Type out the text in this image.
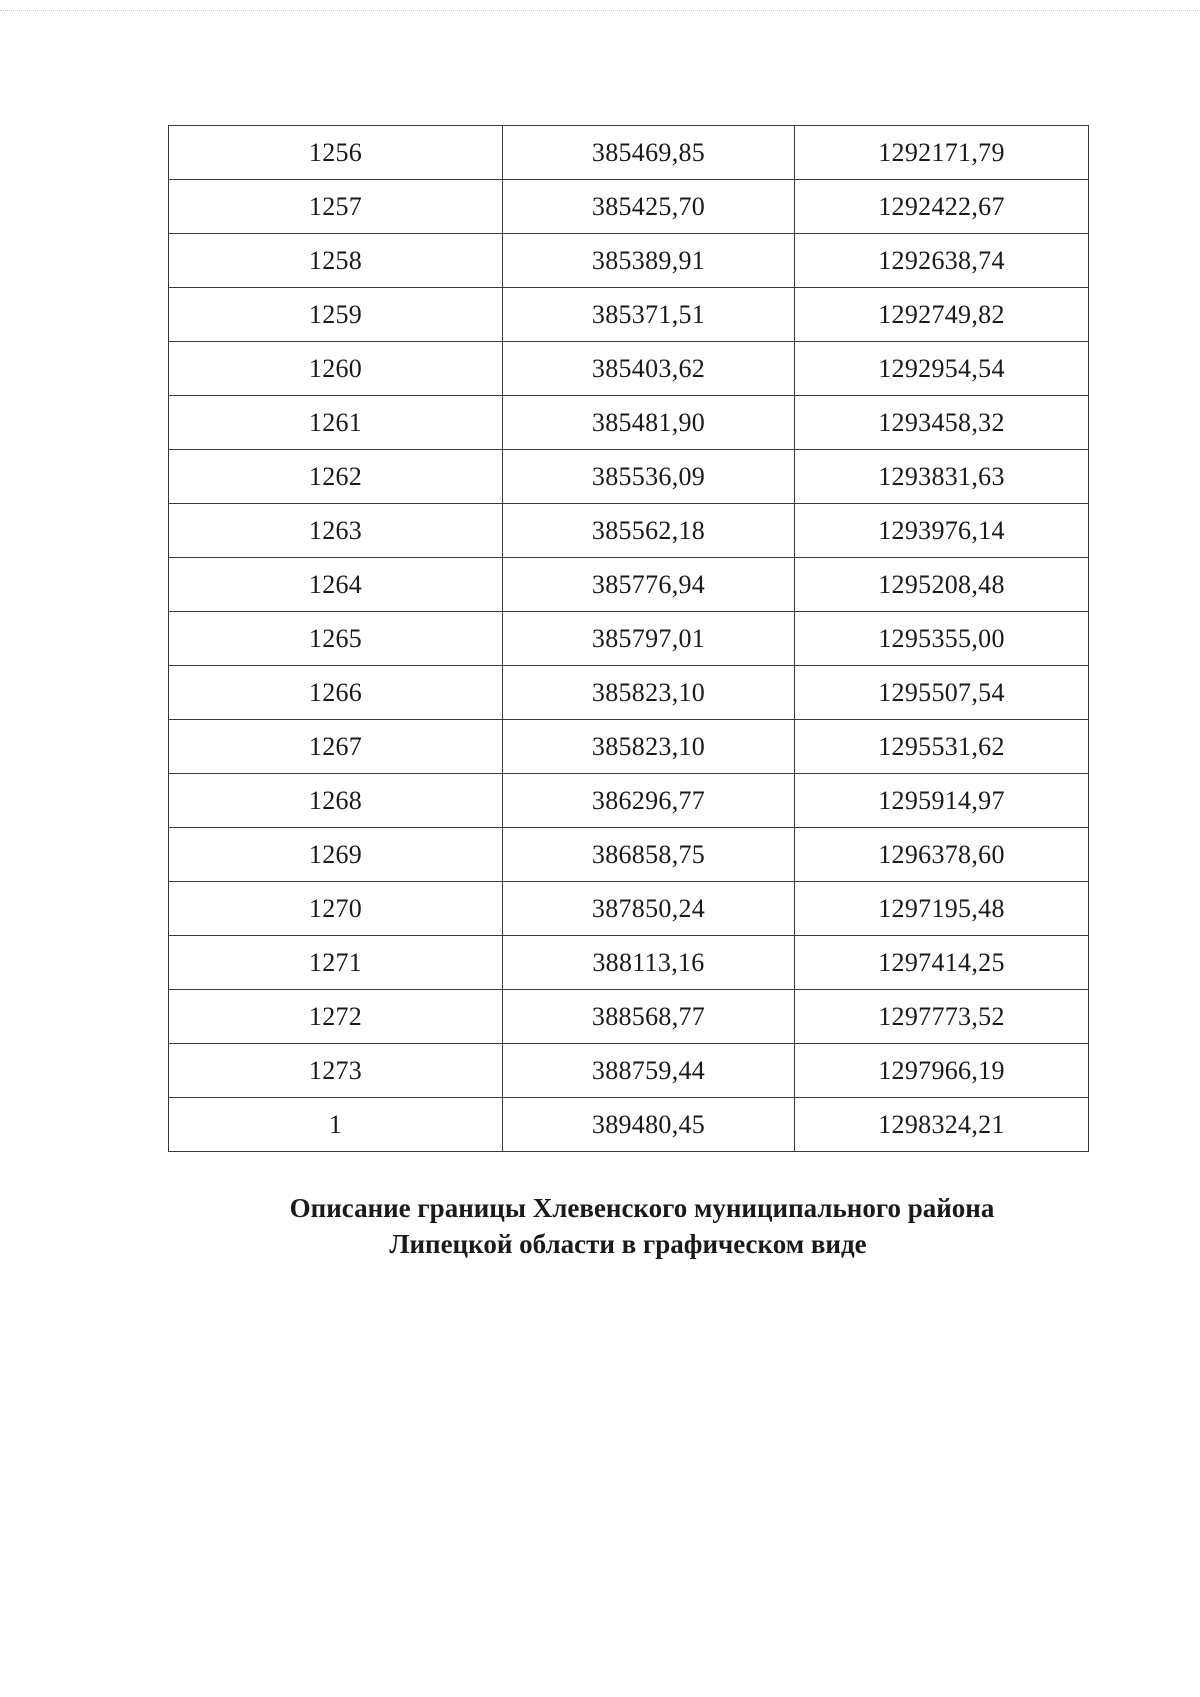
1256	385469,85	1292171,79
1257	385425,70	1292422,67
1258	385389,91	1292638,74
1259	385371,51	1292749,82
1260	385403,62	1292954,54
1261	385481,90	1293458,32
1262	385536,09	1293831,63
1263	385562,18	1293976,14
1264	385776,94	1295208,48
1265	385797,01	1295355,00
1266	385823,10	1295507,54
1267	385823,10	1295531,62
1268	386296,77	1295914,97
1269	386858,75	1296378,60
1270	387850,24	1297195,48
1271	388113,16	1297414,25
1272	388568,77	1297773,52
1273	388759,44	1297966,19
1	389480,45	1298324,21
Описание границы Хлевенского муниципального района
Липецкой области в графическом виде
